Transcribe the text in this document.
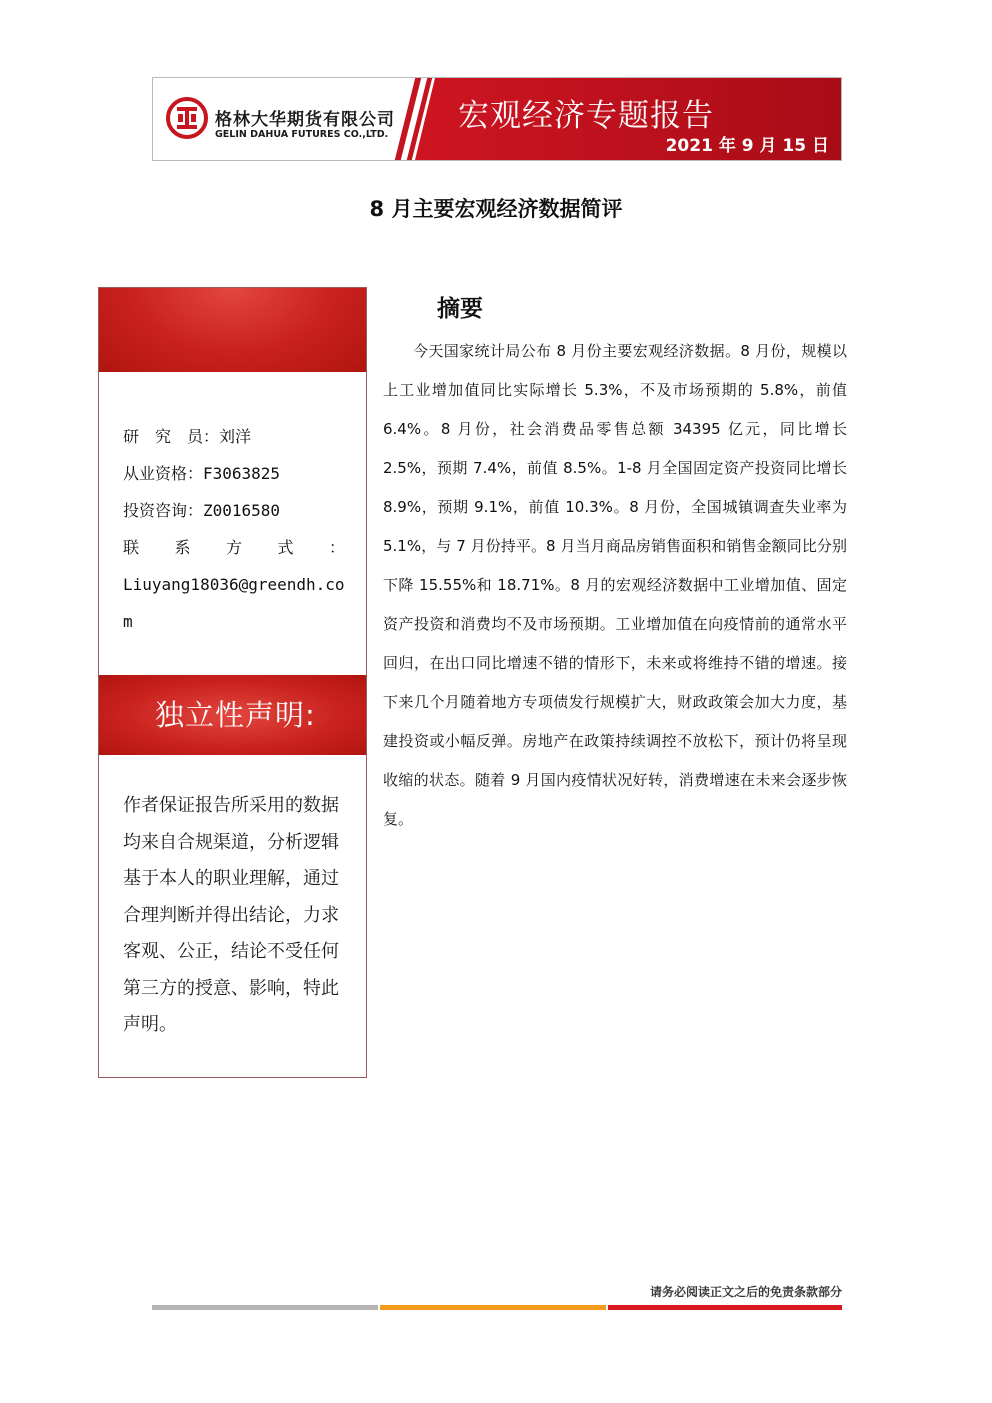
格林大华期货有限公司
GELIN DAHUA FUTURES CO.,LTD.
宏观经济专题报告
2021 年 9 月 15 日
8 月主要宏观经济数据简评
研　究　员：刘洋
从业资格：F3063825
投资咨询：Z0016580
联 系 方 式 ：
Liuyang18036@greendh.com
独立性声明:
作者保证报告所采用的数据均来自合规渠道，分析逻辑基于本人的职业理解，通过合理判断并得出结论，力求客观、公正，结论不受任何第三方的授意、影响，特此声明。
摘要
今天国家统计局公布 8 月份主要宏观经济数据。8 月份，规模以上工业增加值同比实际增长 5.3%，不及市场预期的 5.8%，前值 6.4%。8 月份，社会消费品零售总额 34395 亿元，同比增长 2.5%，预期 7.4%，前值 8.5%。1-8 月全国固定资产投资同比增长 8.9%，预期 9.1%，前值 10.3%。8 月份，全国城镇调查失业率为 5.1%，与 7 月份持平。8 月当月商品房销售面积和销售金额同比分别下降 15.55%和 18.71%。8 月的宏观经济数据中工业增加值、固定资产投资和消费均不及市场预期。工业增加值在向疫情前的通常水平回归，在出口同比增速不错的情形下，未来或将维持不错的增速。接下来几个月随着地方专项债发行规模扩大，财政政策会加大力度，基建投资或小幅反弹。房地产在政策持续调控不放松下，预计仍将呈现收缩的状态。随着 9 月国内疫情状况好转，消费增速在未来会逐步恢复。
请务必阅读正文之后的免责条款部分
